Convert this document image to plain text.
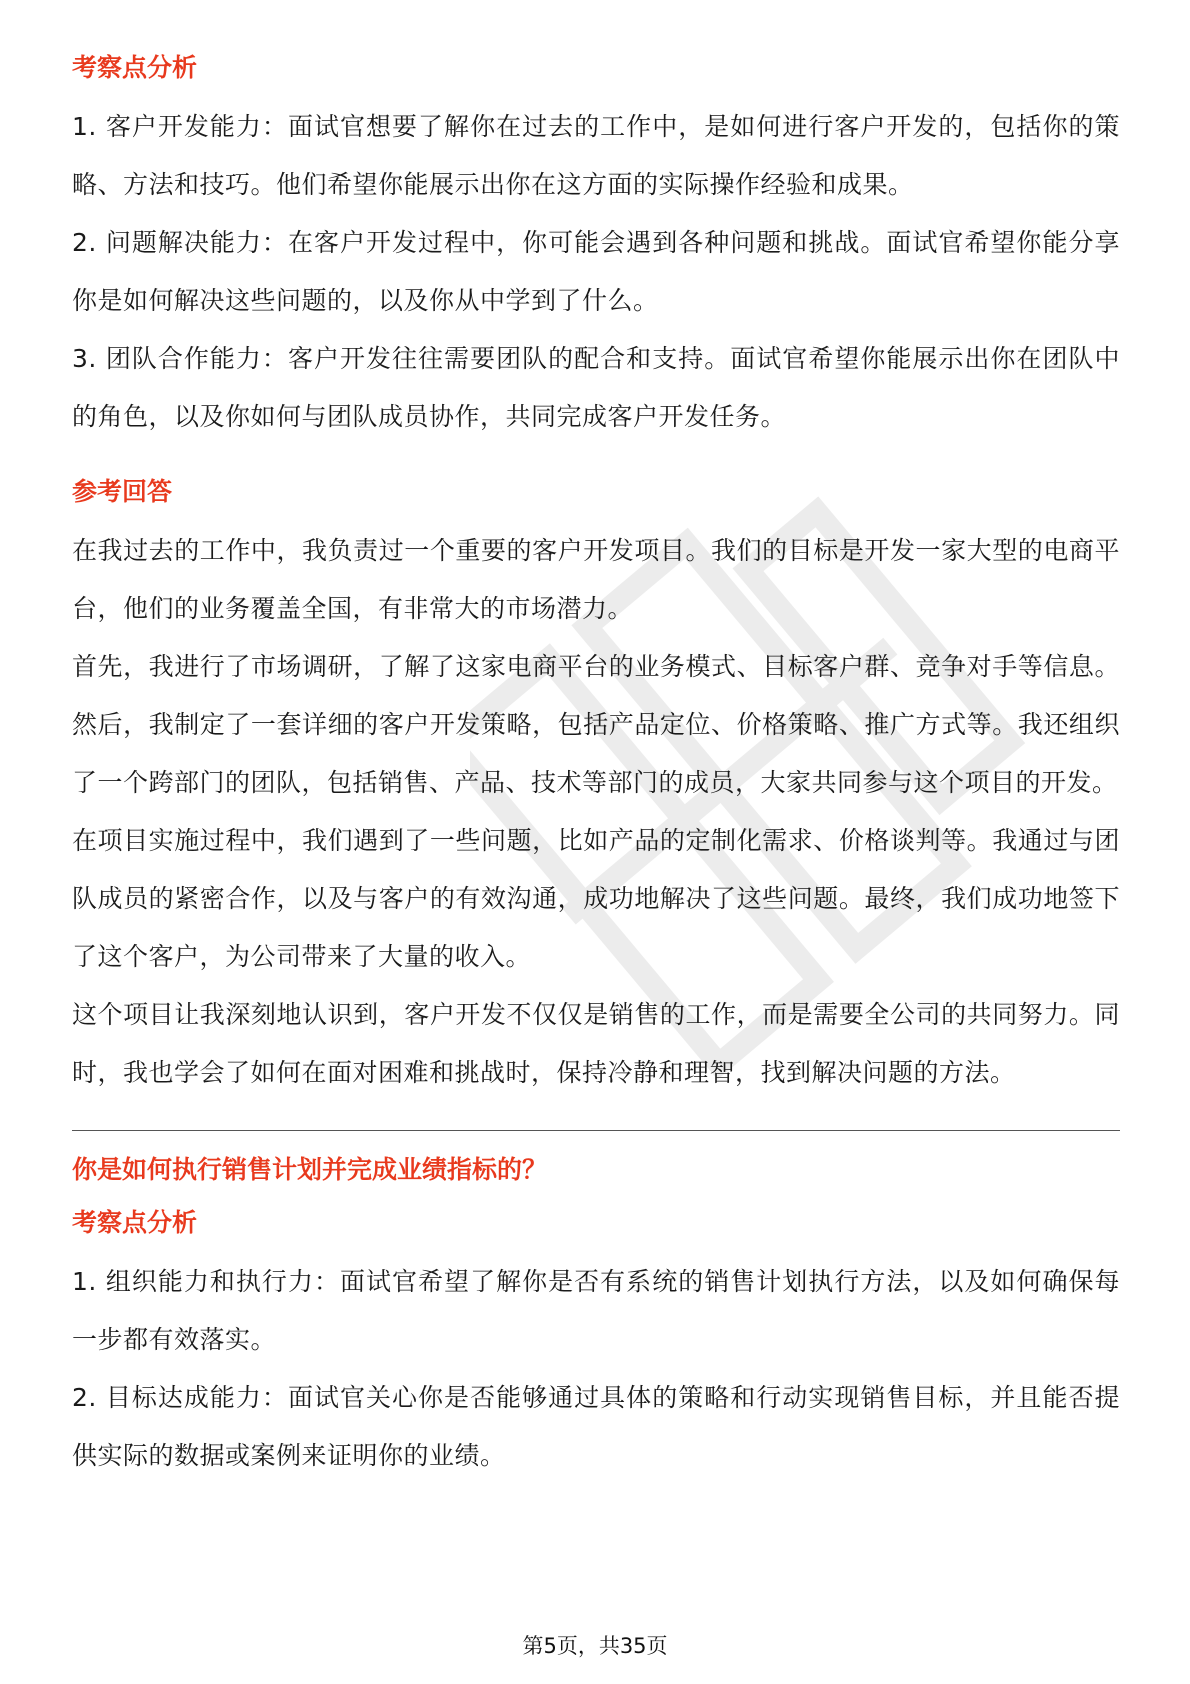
考察点分析

1. 客户开发能力：面试官想要了解你在过去的工作中，是如何进行客户开发的，包括你的策略、方法和技巧。他们希望你能展示出你在这方面的实际操作经验和成果。

2. 问题解决能力：在客户开发过程中，你可能会遇到各种问题和挑战。面试官希望你能分享你是如何解决这些问题的，以及你从中学到了什么。

3. 团队合作能力：客户开发往往需要团队的配合和支持。面试官希望你能展示出你在团队中的角色，以及你如何与团队成员协作，共同完成客户开发任务。

参考回答

在我过去的工作中，我负责过一个重要的客户开发项目。我们的目标是开发一家大型的电商平台，他们的业务覆盖全国，有非常大的市场潜力。

首先，我进行了市场调研，了解了这家电商平台的业务模式、目标客户群、竞争对手等信息。然后，我制定了一套详细的客户开发策略，包括产品定位、价格策略、推广方式等。我还组织了一个跨部门的团队，包括销售、产品、技术等部门的成员，大家共同参与这个项目的开发。

在项目实施过程中，我们遇到了一些问题，比如产品的定制化需求、价格谈判等。我通过与团队成员的紧密合作，以及与客户的有效沟通，成功地解决了这些问题。最终，我们成功地签下了这个客户，为公司带来了大量的收入。

这个项目让我深刻地认识到，客户开发不仅仅是销售的工作，而是需要全公司的共同努力。同时，我也学会了如何在面对困难和挑战时，保持冷静和理智，找到解决问题的方法。

你是如何执行销售计划并完成业绩指标的？

考察点分析

1. 组织能力和执行力：面试官希望了解你是否有系统的销售计划执行方法，以及如何确保每一步都有效落实。

2. 目标达成能力：面试官关心你是否能够通过具体的策略和行动实现销售目标，并且能否提供实际的数据或案例来证明你的业绩。

第5页，共35页
